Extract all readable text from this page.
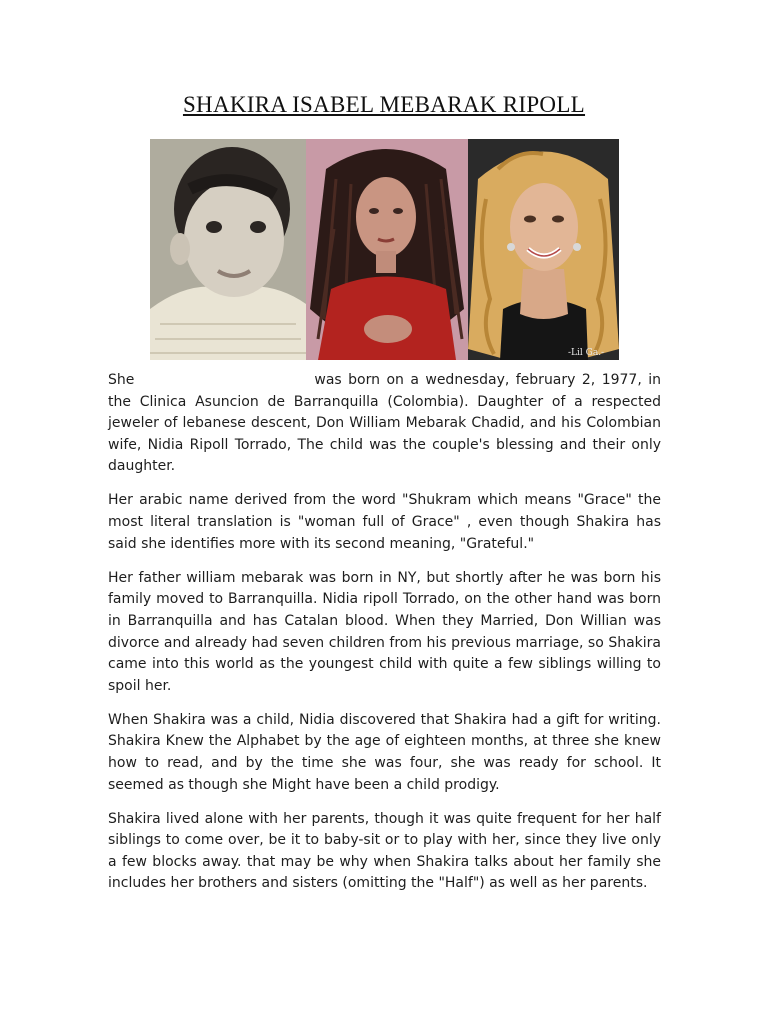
SHAKIRA ISABEL MEBARAK RIPOLL
-Lil Ga.-

She	was born on a wednesday, february 2, 1977, in the Clinica Asuncion de Barranquilla (Colombia). Daughter of a respected jeweler of lebanese descent, Don William Mebarak Chadid, and his Colombian wife, Nidia Ripoll Torrado, The child was the couple's blessing and their only daughter.

Her arabic name derived from the word "Shukram which means "Grace" the most literal translation is "woman full of Grace" , even though Shakira has said she identifies more with its second meaning, "Grateful."

Her father william mebarak was born in NY, but shortly after he was born his family moved to Barranquilla. Nidia ripoll Torrado, on the other hand was born in Barranquilla and has Catalan blood. When they Married, Don Willian was divorce and already had seven children from his previous marriage, so Shakira came into this world as the youngest child with quite a few siblings willing to spoil her.

When Shakira was a child, Nidia discovered that Shakira had a gift for writing. Shakira Knew the Alphabet by the age of eighteen months, at three she knew how to read, and by the time she was four, she was ready for school. It seemed as though she Might have been a child prodigy.

Shakira lived alone with her parents, though it was quite frequent for her half siblings to come over, be it to baby-sit or to play with her, since they live only a few blocks away. that may be why when Shakira talks about her family she includes her brothers and sisters (omitting the "Half") as well as her parents.
